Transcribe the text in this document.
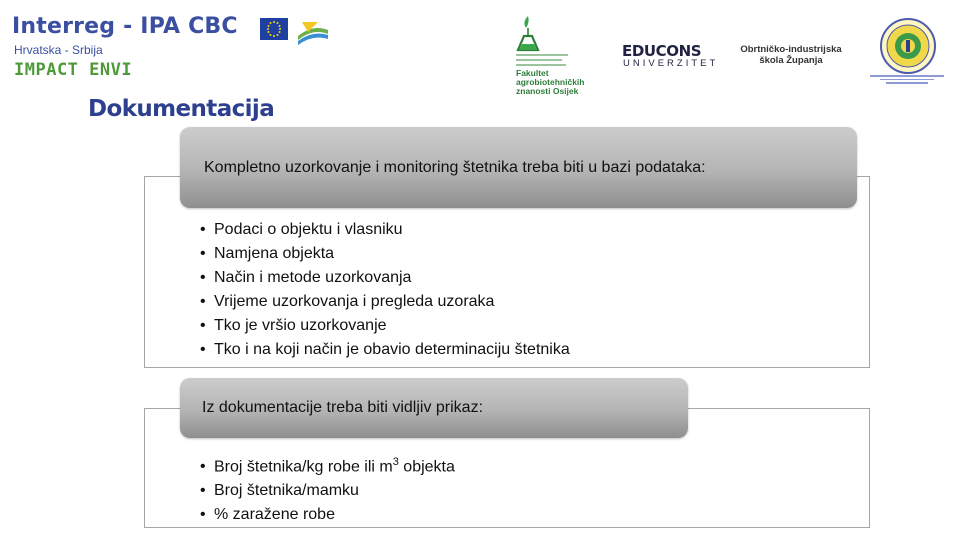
Interreg - IPA CBC
Hrvatska - Srbija
IMPACT ENVI	Fakultet
agrobiotehničkih
znanosti Osijek
EDUCONS
UNIVERZITET
Obrtničko-industrijska
škola Županja
Dokumentacija
Kompletno uzorkovanje i monitoring štetnika treba biti u bazi podataka:
• Podaci o objektu i vlasniku
• Namjena objekta
• Način i metode uzorkovanja
• Vrijeme uzorkovanja i pregleda uzoraka
• Tko je vršio uzorkovanje
• Tko i na koji način je obavio determinaciju štetnika
Iz dokumentacije treba biti vidljiv prikaz:
• Broj štetnika/kg robe ili $m^3$ objekta
• Broj štetnika/mamku
• % zaražene robe
